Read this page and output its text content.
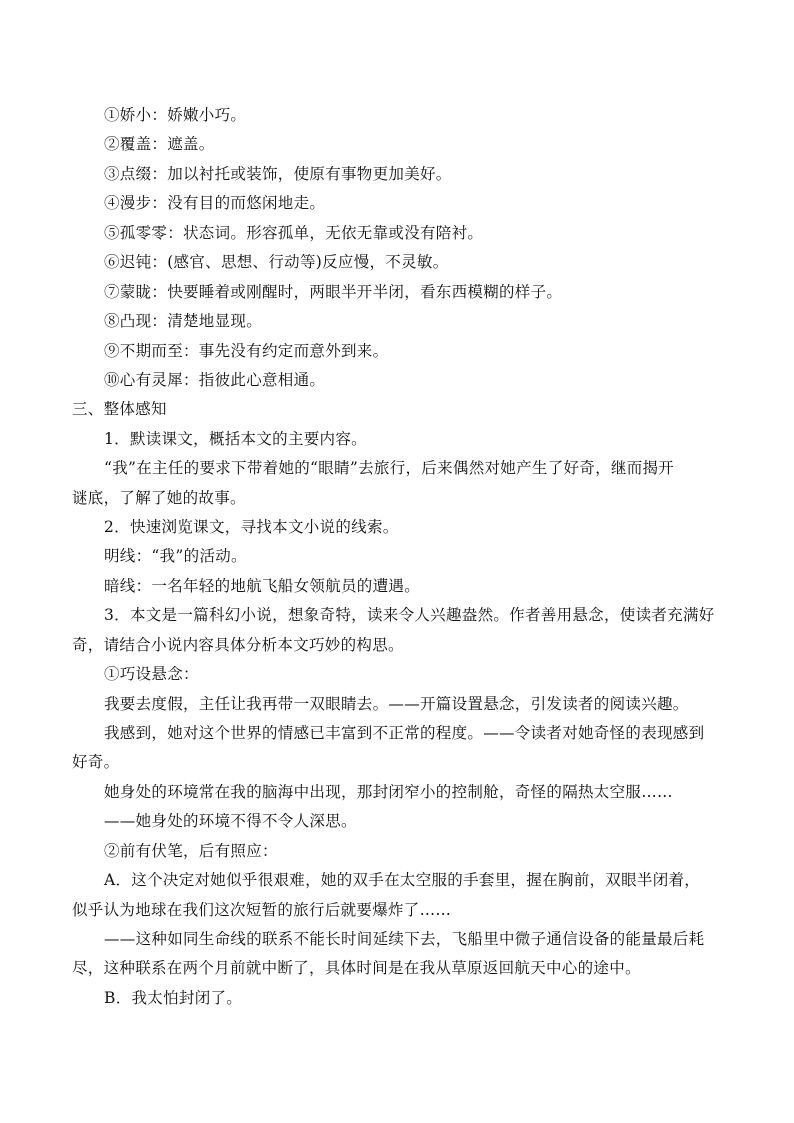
①娇小：娇嫩小巧。
②覆盖：遮盖。
③点缀：加以衬托或装饰，使原有事物更加美好。
④漫步：没有目的而悠闲地走。
⑤孤零零：状态词。形容孤单，无依无靠或没有陪衬。
⑥迟钝：(感官、思想、行动等)反应慢，不灵敏。
⑦蒙眬：快要睡着或刚醒时，两眼半开半闭，看东西模糊的样子。
⑧凸现：清楚地显现。
⑨不期而至：事先没有约定而意外到来。
⑩心有灵犀：指彼此心意相通。
三、整体感知
1．默读课文，概括本文的主要内容。
“我”在主任的要求下带着她的“眼睛”去旅行，后来偶然对她产生了好奇，继而揭开
谜底，了解了她的故事。
2．快速浏览课文，寻找本文小说的线索。
明线：“我”的活动。
暗线：一名年轻的地航飞船女领航员的遭遇。
3．本文是一篇科幻小说，想象奇特，读来令人兴趣盎然。作者善用悬念，使读者充满好
奇，请结合小说内容具体分析本文巧妙的构思。
①巧设悬念：
我要去度假，主任让我再带一双眼睛去。——开篇设置悬念，引发读者的阅读兴趣。
我感到，她对这个世界的情感已丰富到不正常的程度。——令读者对她奇怪的表现感到
好奇。
她身处的环境常在我的脑海中出现，那封闭窄小的控制舱，奇怪的隔热太空服……
——她身处的环境不得不令人深思。
②前有伏笔，后有照应：
A．这个决定对她似乎很艰难，她的双手在太空服的手套里，握在胸前，双眼半闭着，
似乎认为地球在我们这次短暂的旅行后就要爆炸了……
——这种如同生命线的联系不能长时间延续下去，飞船里中微子通信设备的能量最后耗
尽，这种联系在两个月前就中断了，具体时间是在我从草原返回航天中心的途中。
B．我太怕封闭了。
